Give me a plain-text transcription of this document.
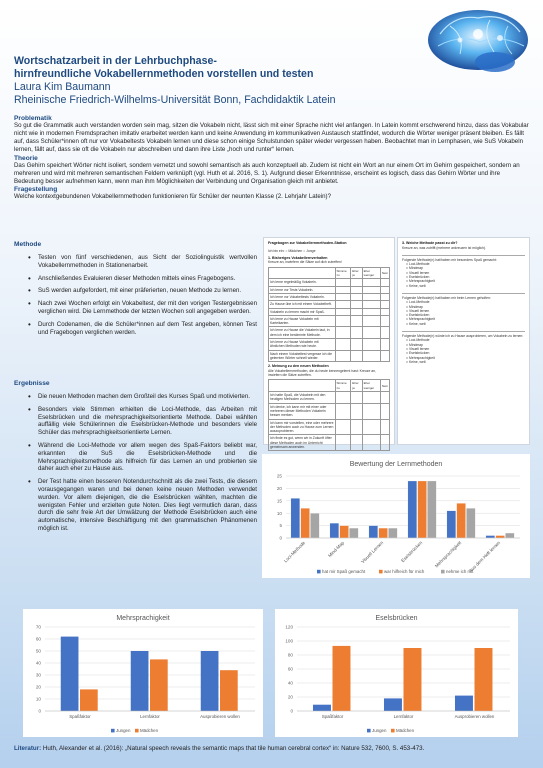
Wortschatzarbeit in der Lehrbuchphase-
hirnfreundliche Vokabellernmethoden vorstellen und testen
Laura Kim Baumann
Rheinische Friedrich-Wilhelms-Universität Bonn, Fachdidaktik Latein
Problematik
So gut die Grammatik auch verstanden worden sein mag, sitzen die Vokabeln nicht, lässt sich mit einer Sprache nicht viel anfangen. In Latein kommt erschwerend hinzu, dass das Vokabular nicht wie in modernen Fremdsprachen imitativ erarbeitet werden kann und keine Anwendung im kommunikativen Austausch stattfindet, wodurch die Wörter weniger präsent bleiben. Es fällt auf, dass Schüler*innen oft nur vor Vokabeltests Vokabeln lernen und diese schon einige Schulstunden später wieder vergessen haben. Beobachtet man in Lernphasen, wie SuS Vokabeln lernen, fällt auf, dass sie oft die Vokabeln nur abschreiben und dann ihre Liste „hoch und runter“ lernen.
Theorie
Das Gehirn speichert Wörter nicht isoliert, sondern vernetzt und sowohl semantisch als auch konzeptuell ab. Zudem ist nicht ein Wort an nur einem Ort im Gehirn gespeichert, sondern an mehreren und wird mit mehreren semantischen Feldern verknüpft (vgl. Huth et al. 2016, S. 1). Aufgrund dieser Erkenntnisse, erscheint es logisch, dass das Gehirn Wörter und ihre Bedeutung besser aufnehmen kann, wenn man ihm Möglichkeiten der Verbindung und Organisation gleich mit anbietet.
Fragestellung
Welche kontextgebundenen Vokabellernmethoden funktionieren für Schüler der neunten Klasse (2. Lehrjahr Latein)?
Methode
• Testen von fünf verschiedenen, aus Sicht der Soziolinguistik wertvollen Vokabellernmethoden in Stationenarbeit.
• Anschließendes Evaluieren dieser Methoden mittels eines Fragebogens.
• SuS werden aufgefordert, mit einer präferierten, neuen Methode zu lernen.
• Nach zwei Wochen erfolgt ein Vokabeltest, der mit den vorigen Testergebnissen verglichen wird. Die Lernmethode der letzten Wochen soll angegeben werden.
• Durch Codenamen, die die Schüler*innen auf dem Test angeben, können Test und Fragebogen verglichen werden.
Ergebnisse
• Die neuen Methoden machen dem Großteil des Kurses Spaß und motivierten.
• Besonders viele Stimmen erhielten die Loci-Methode, das Arbeiten mit Eselsbrücken und die mehrsprachigkeitsorientierte Methode. Dabei wählten auffällig viele Schülerinnen die Eselsbrücken-Methode und besonders viele Schüler das mehrsprachigkeitsorientierte Lernen.
• Während die Loci-Methode vor allem wegen des Spaß-Faktors beliebt war, erkannten die SuS die Eselsbrücken-Methode und die Mehrsprachigkeitsmethode als hilfreich für das Lernen an und probierten sie daher auch eher zu Hause aus.
• Der Test hatte einen besseren Notendurchschnitt als die zwei Tests, die diesem vorausgegangen waren und bei denen keine neuen Methoden verwendet wurden. Vor allem diejenigen, die die Eselsbrücken wählten, machten die wenigsten Fehler und erzielten gute Noten. Dies liegt vermutlich daran, dass durch die sehr freie Art der Umwälzung der Methode Eselsbrücken auch eine automatische, intensive Beschäftigung mit den grammatischen Phänomenen möglich ist.
Fragebogen zur Vokabellernmethoden-Station
Ich bin ein: ○ Mädchen ○ Junge
1. Bisheriges Vokabellernverhalten
Kreuze an, inwiefern die Sätze auf dich zutreffen!
	Stimme zu	Eher ja	Eher weniger	Nein
Ich lerne regelmäßig Vokabeln.				
Ich lerne vor Tests Vokabeln.				
Ich lerne vor Vokabeltests Vokabeln.				
Zu Hause übe ich mit einem Vokabelheft.				
Vokabeln zu lernen macht mir Spaß.				
Ich lerne zu Hause Vokabeln mit Karteikarten.				
Ich lerne zu Hause die Vokabeln laut, in dem ich eine bestimmte Methode.				
Ich lerne zu Hause Vokabeln mit ähnlichen Methoden wie heute.				
Nach einem Vokabeltest vergesse ich die gelernten Wörter schnell wieder.				
2. Meinung zu den neuen Methoden
Alle Vokabellernmethoden, die du heute kennengelernt hast: Kreuze an, inwiefern die Sätze zutreffen.
	Stimme zu	Eher ja	Eher weniger	Nein
Ich hatte Spaß, die Vokabeln mit den heutigen Methoden zu lernen.				
Ich denke, ich kann mir mit einer oder mehreren dieser Methoden Vokabeln besser merken.				
Ich kann mir vorstellen, eine oder mehrere der Methoden auch zu Hause zum Lernen auszuprobieren.				
Ich finde es gut, wenn wir in Zukunft öfter diese Methoden auch im Unterricht gemeinsam anwenden.				
3. Welche Methode passt zu dir?
Kreuze an, was zutrifft (mehrere ankreuzen ist möglich).
Folgende Methode(n) hat/haben mir besonders Spaß gemacht:
□ Loci-Methode
□ Mindmap
□ Visuell lernen
□ Eselsbrücken
□ Mehrsprachigkeit
□ Keine, weil:
Folgende Methode(n) hat/haben mir beim Lernen geholfen:
□ Loci-Methode
□ Mindmap
□ Visuell lernen
□ Eselsbrücken
□ Mehrsprachigkeit
□ Keine, weil:
Folgende Methode(n) würde ich zu Hause ausprobieren, um Vokabeln zu lernen:
□ Loci-Methode
□ Mindmap
□ Visuell lernen
□ Eselsbrücken
□ Mehrsprachigkeit
□ Keine, weil:
Bewertung der Lernmethoden
0
5
10
15
20
25
Loci-Methode	Mind-Map	Visuell Lernen	Eselsbrücken Mehrsprachigkeit Aus dem Heft lernen
hat mir Spaß gemacht	war hilfreich für mich	nehme ich mit
Mehrsprachigkeit
0
10
20
30
40
50
60
70
Spaßfaktor	Lernfaktor	Ausprobieren wollen
Jungen Mädchen
Eselsbrücken
0
20
40
60
80
100
120
Spaßfaktor	Lernfaktor	Ausprobieren wollen
Jungen Mädchen
Literatur: Huth, Alexander et al. (2016): „Natural speech reveals the semantic maps that tile human cerebral cortex“ in: Nature 532, 7600, S. 453-473.
